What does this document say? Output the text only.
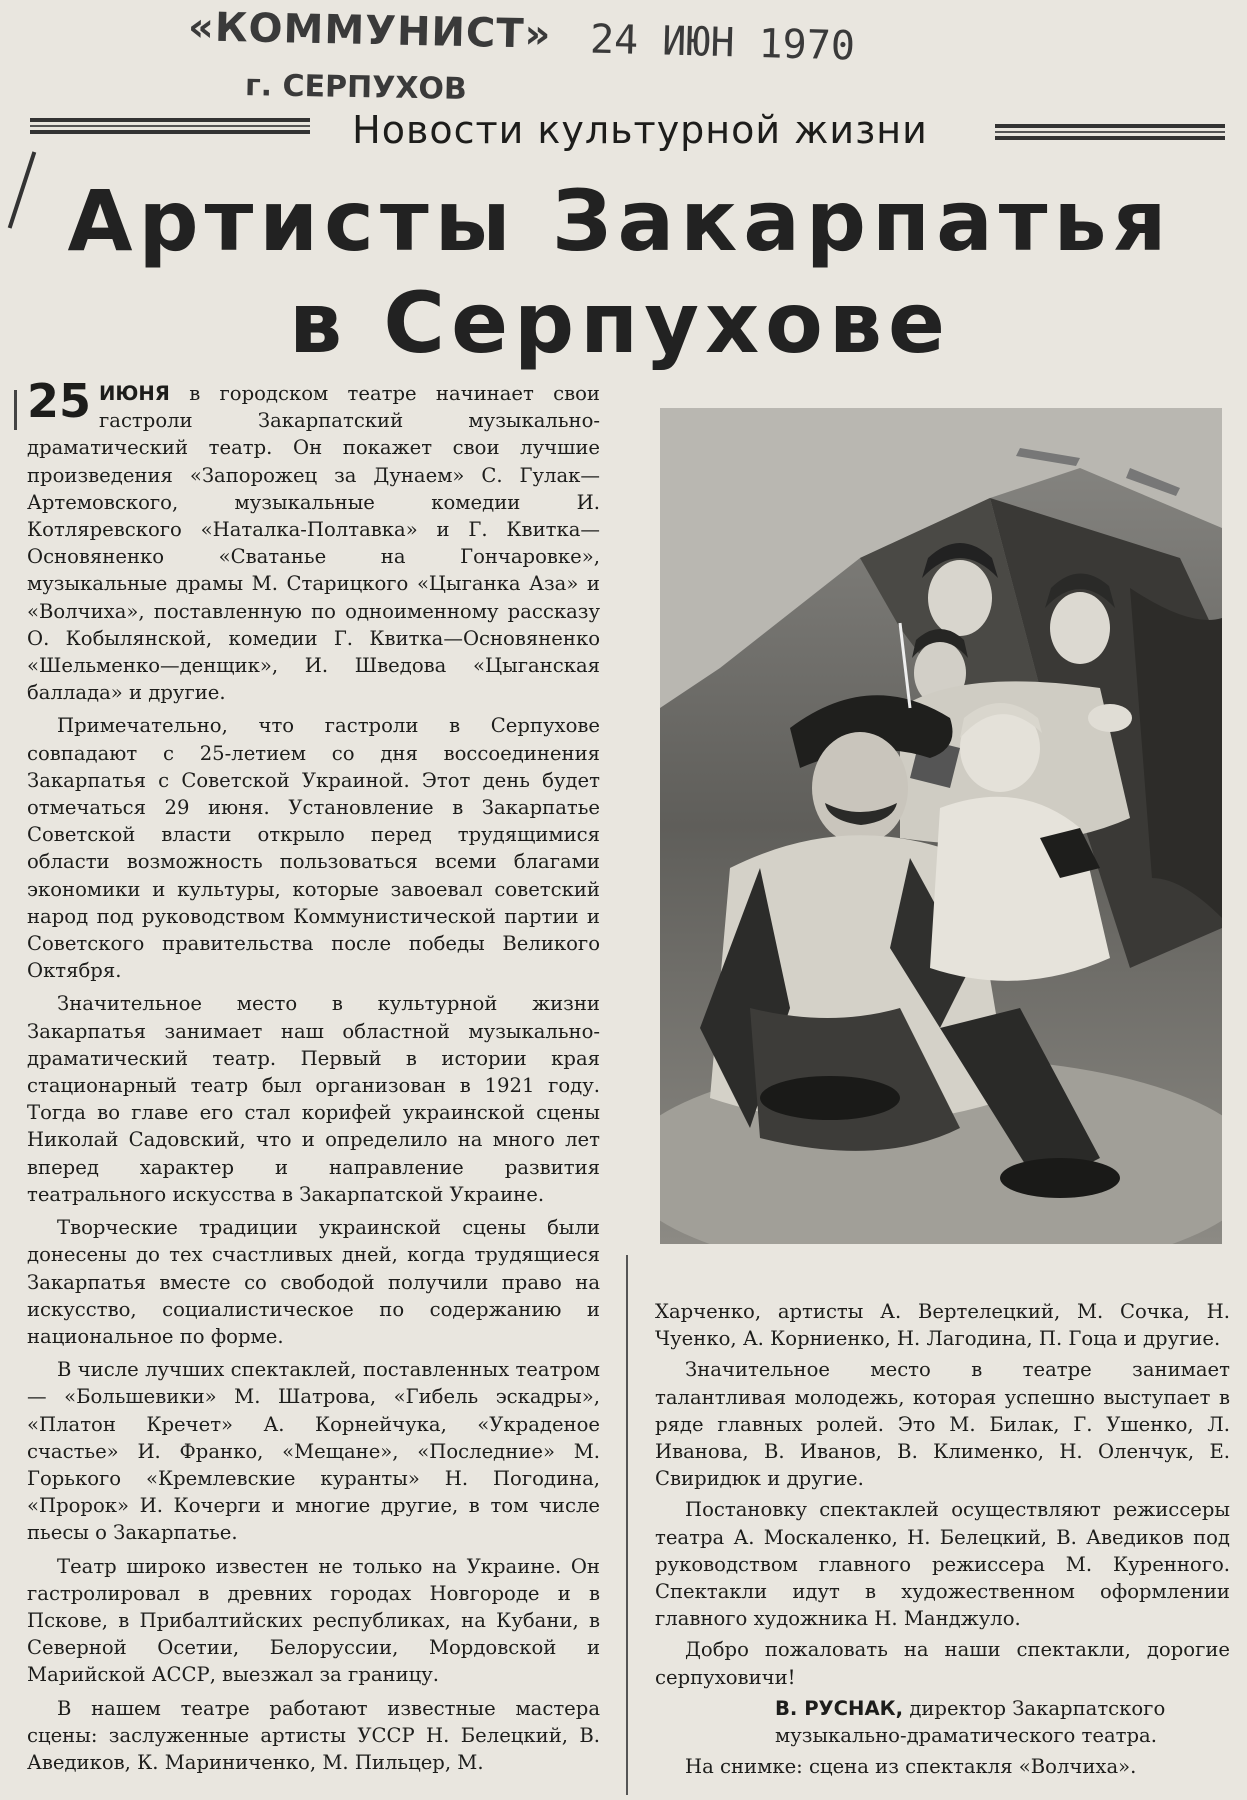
«КОММУНИСТ» 24 ИЮН 1970
г. СЕРПУХОВ
Новости культурной жизни
Артисты Закарпатья
в Серпухове

25 ИЮНЯ в городском театре начинает свои гастроли Закарпатский музыкально-драматический театр. Он покажет свои лучшие произведения «Запорожец за Дунаем» С. Гулак—Артемовского, музыкальные комедии И. Котляревского «Наталка-Полтавка» и Г. Квитка—Основяненко «Сватанье на Гончаровке», музыкальные драмы М. Старицкого «Цыганка Аза» и «Волчиха», поставленную по одноименному рассказу О. Кобылянской, комедии Г. Квитка—Основяненко «Шельменко—денщик», И. Шведова «Цыганская баллада» и другие.

Примечательно, что гастроли в Серпухове совпадают с 25-летием со дня воссоединения Закарпатья с Советской Украиной. Этот день будет отмечаться 29 июня. Установление в Закарпатье Советской власти открыло перед трудящимися области возможность пользоваться всеми благами экономики и культуры, которые завоевал советский народ под руководством Коммунистической партии и Советского правительства после победы Великого Октября.

Значительное место в культурной жизни Закарпатья занимает наш областной музыкально-драматический театр. Первый в истории края стационарный театр был организован в 1921 году. Тогда во главе его стал корифей украинской сцены Николай Садовский, что и определило на много лет вперед характер и направление развития театрального искусства в Закарпатской Украине.

Творческие традиции украинской сцены были донесены до тех счастливых дней, когда трудящиеся Закарпатья вместе со свободой получили право на искусство, социалистическое по содержанию и национальное по форме.

В числе лучших спектаклей, поставленных театром — «Большевики» М. Шатрова, «Гибель эскадры», «Платон Кречет» А. Корнейчука, «Украденое счастье» И. Франко, «Мещане», «Последние» М. Горького «Кремлевские куранты» Н. Погодина, «Пророк» И. Кочерги и многие другие, в том числе пьесы о Закарпатье.

Театр широко известен не только на Украине. Он гастролировал в древних городах Новгороде и в Пскове, в Прибалтийских республиках, на Кубани, в Северной Осетии, Белоруссии, Мордовской и Марийской АССР, выезжал за границу.

В нашем театре работают известные мастера сцены: заслуженные артисты УССР Н. Белецкий, В. Аведиков, К. Мариниченко, М. Пильцер, М.

Харченко, артисты А. Вертелецкий, М. Сочка, Н. Чуенко, А. Корниенко, Н. Лагодина, П. Гоца и другие.

Значительное место в театре занимает талантливая молодежь, которая успешно выступает в ряде главных ролей. Это М. Билак, Г. Ушенко, Л. Иванова, В. Иванов, В. Клименко, Н. Оленчук, Е. Свиридюк и другие.

Постановку спектаклей осуществляют режиссеры театра А. Москаленко, Н. Белецкий, В. Аведиков под руководством главного режиссера М. Куренного. Спектакли идут в художественном оформлении главного художника Н. Манджуло.

Добро пожаловать на наши спектакли, дорогие серпуховичи!

В. РУСНАК, директор Закарпатского музыкально-драматического театра.

На снимке: сцена из спектакля «Волчиха».
